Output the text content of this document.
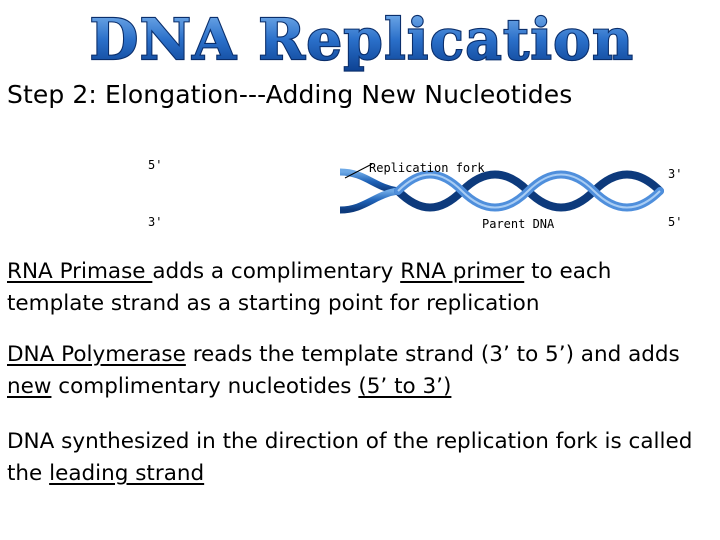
DNA Replication
Step 2: Elongation---Adding New Nucleotides
5'
3'
Replication fork	3'
Parent DNA	5'

RNA Primase adds a complimentary RNA primer to each template strand as a starting point for replication

DNA Polymerase reads the template strand (3’ to 5’) and adds new complimentary nucleotides (5’ to 3’)

DNA synthesized in the direction of the replication fork is called the leading strand
